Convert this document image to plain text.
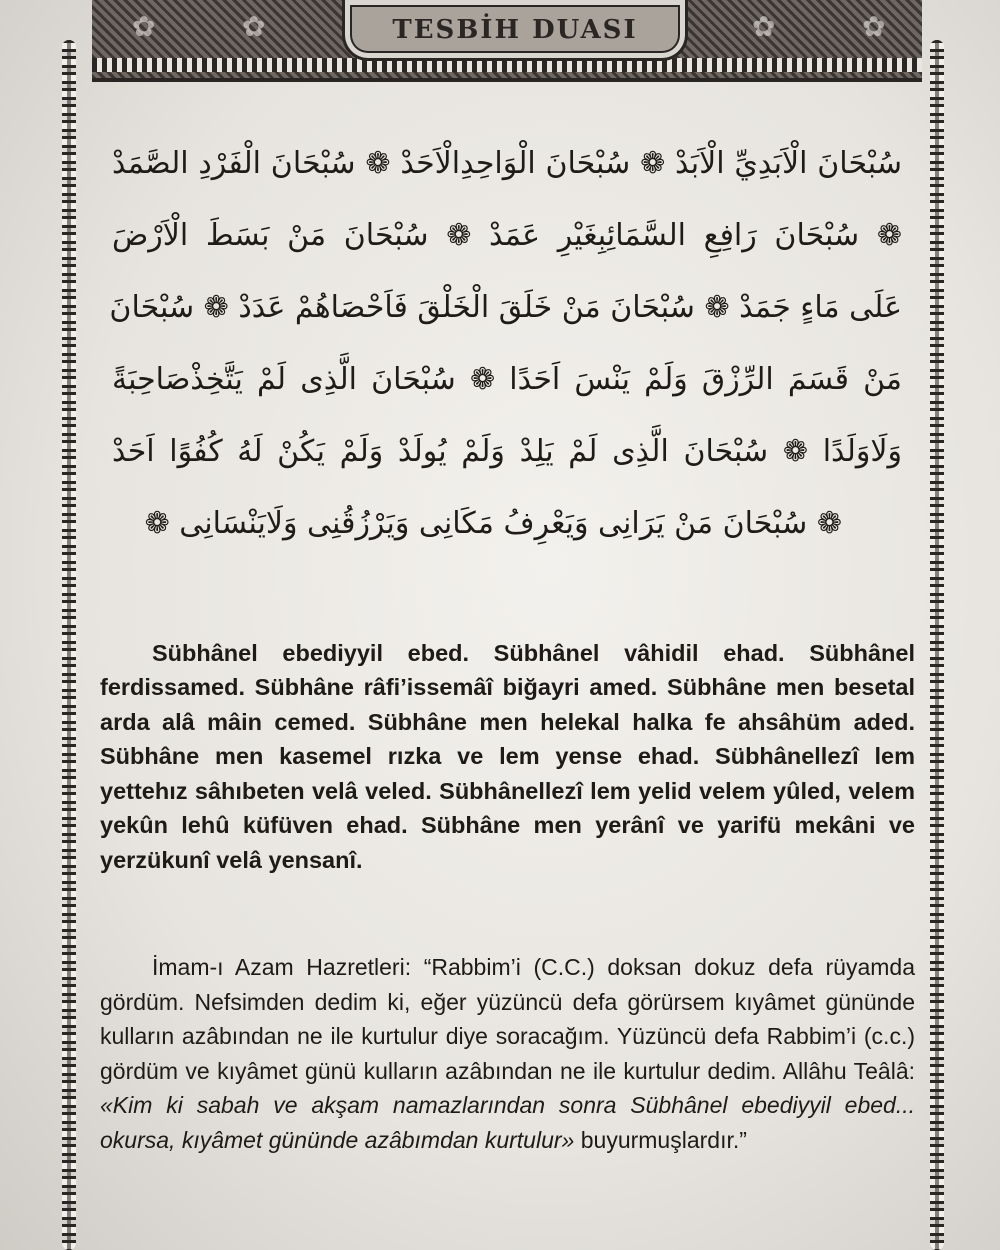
✿	✿	✿	✿
TESBİH DUASI
سُبْحَانَ الْاَبَدِيِّ الْاَبَدْ ❁ سُبْحَانَ الْوَاحِدِالْاَحَدْ ❁ سُبْحَانَ الْفَرْدِ الصَّمَدْ
❁ سُبْحَانَ رَافِعِ السَّمَائِبِغَيْرِ عَمَدْ ❁ سُبْحَانَ مَنْ بَسَطَ الْاَرْضَ
عَلَى مَاءٍ جَمَدْ ❁ سُبْحَانَ مَنْ خَلَقَ الْخَلْقَ فَاَحْصَاهُمْ عَدَدْ ❁ سُبْحَانَ
مَنْ قَسَمَ الرِّزْقَ وَلَمْ يَنْسَ اَحَدًا ❁ سُبْحَانَ الَّذِى لَمْ يَتَّخِذْصَاحِبَةً
وَلَاوَلَدًا ❁ سُبْحَانَ الَّذِى لَمْ يَلِدْ وَلَمْ يُولَدْ وَلَمْ يَكُنْ لَهُ كُفُوًا اَحَدْ
❁ سُبْحَانَ مَنْ يَرَانِى وَيَعْرِفُ مَكَانِى وَيَرْزُقُنِى وَلَايَنْسَانِى ❁

Sübhânel ebediyyil ebed. Sübhânel vâhidil ehad. Sübhânel ferdissamed. Sübhâne râfi’issemâî biğayri amed. Sübhâne men besetal arda alâ mâin cemed. Sübhâne men helekal halka fe ahsâhüm aded. Sübhâne men kasemel rızka ve lem yense ehad. Sübhânellezî lem yettehız sâhıbeten velâ veled. Sübhânellezî lem yelid velem yûled, velem yekûn lehû küfüven ehad. Sübhâne men yerânî ve yarifü mekâni ve yerzükunî velâ yensanî.

İmam-ı Azam Hazretleri: “Rabbim’i (C.C.) doksan dokuz defa rüyamda gördüm. Nefsimden dedim ki, eğer yüzüncü defa görürsem kıyâmet gününde kulların azâbından ne ile kurtulur diye soracağım. Yüzüncü defa Rabbim’i (c.c.) gördüm ve kıyâmet günü kulların azâbından ne ile kurtulur dedim. Allâhu Teâlâ: «Kim ki sabah ve akşam namazlarından sonra Sübhânel ebediyyil ebed... okursa, kıyâmet gününde azâbımdan kurtulur» buyurmuşlardır.”
